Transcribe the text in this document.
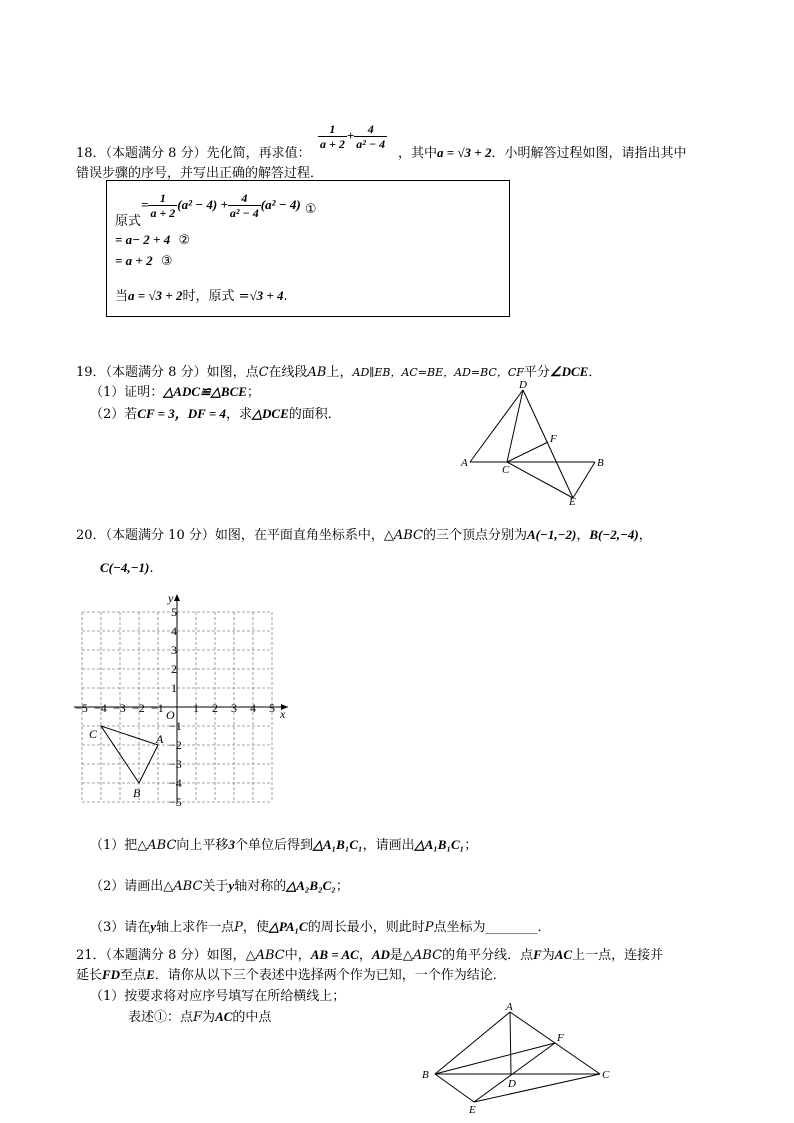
18．（本题满分 8 分）先化简，再求值：
$\frac{1}{a + 2} + \frac{4}{\text{a² − 4}}$
，其中a = √3 + 2．小明解答过程如图，请指出其中
错误步骤的序号，并写出正确的解答过程．
原式= $\frac{1}{a + 2} (a^2 - 4) + \frac{4}{\text{a² − 4}} (a^2 - 4)$ ①
= a− 2 + 4 ②
= a + 2 ③
当a = √3 + 2时，原式 =√3 + 4.
19．（本题满分 8 分）如图，点C在线段AB上，AD∥EB，AC=BE，AD=BC，CF平分∠DCE．
（1）证明：△ADC≌△BCE；
（2）若CF = 3，DF = 4，求△DCE的面积．
D
F
A
C
B
E
20．（本题满分 10 分）如图，在平面直角坐标系中，△ABC的三个顶点分别为A(−1,−2)，B(−2,−4)，
C(−4,−1).
−5 −4 −3 −2 −1 1 2 3 4 5
5
4
3
2
1
−1
−2
−3
−4
−5
x
y
O
A
B
C
（1）把△ABC向上平移3个单位后得到△A₁B₁C₁，请画出△A₁B₁C₁；
（2）请画出△ABC关于y轴对称的△A₂B₂C₂；
（3）请在y轴上求作一点P，使△PA₁C的周长最小，则此时P点坐标为________．
21．（本题满分 8 分）如图，△ABC中，AB = AC，AD是△ABC的角平分线．点F为AC上一点，连接并
延长FD至点E．请你从以下三个表述中选择两个作为已知，一个作为结论．
（1）按要求将对应序号填写在所给横线上；
表述①：点F为AC的中点
A
F
B
D
C
E
